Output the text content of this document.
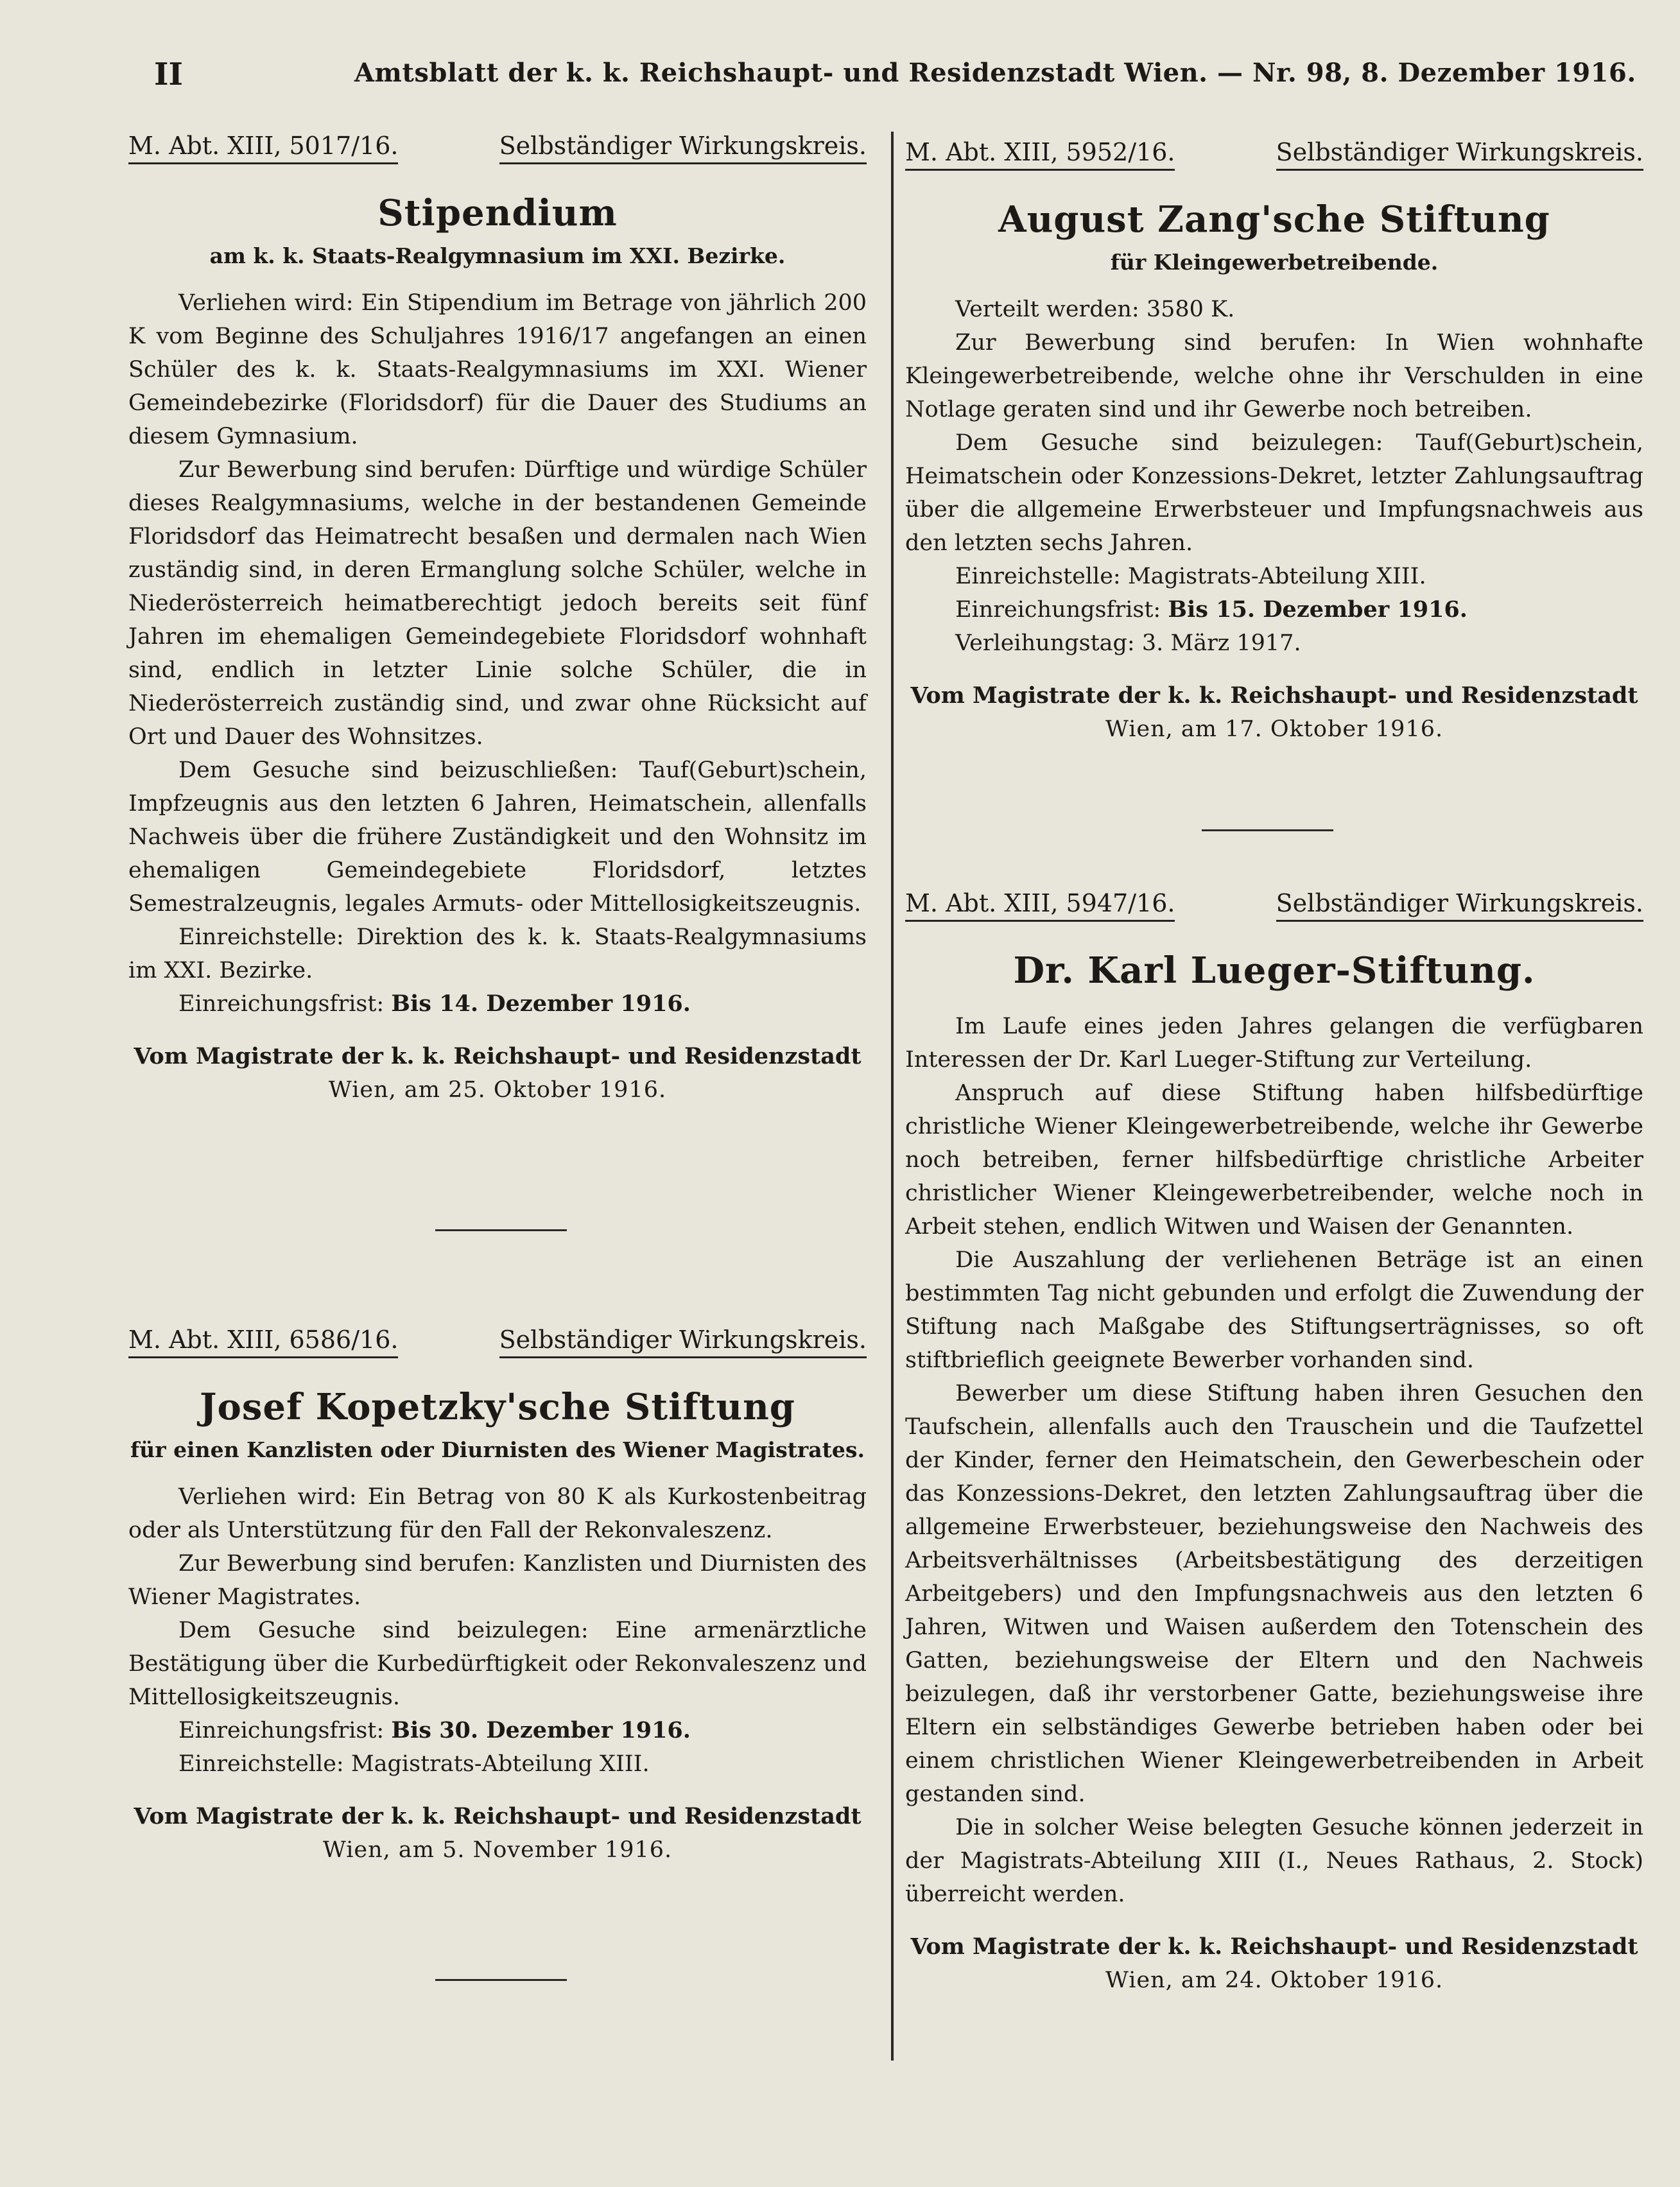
II	Amtsblatt der k. k. Reichshaupt- und Residenzstadt Wien. — Nr. 98, 8. Dezember 1916.
M. Abt. XIII, 5017/16.	Selbständiger Wirkungskreis.
Stipendium
am k. k. Staats-Realgymnasium im XXI. Bezirke.

Verliehen wird: Ein Stipendium im Betrage von jährlich 200 K vom Beginne des Schuljahres 1916/17 angefangen an einen Schüler des k. k. Staats-Realgymnasiums im XXI. Wiener Gemeindebezirke (Floridsdorf) für die Dauer des Studiums an diesem Gymnasium.

Zur Bewerbung sind berufen: Dürftige und würdige Schüler dieses Realgymnasiums, welche in der bestandenen Gemeinde Floridsdorf das Heimatrecht besaßen und dermalen nach Wien zuständig sind, in deren Ermanglung solche Schüler, welche in Niederösterreich heimatberechtigt jedoch bereits seit fünf Jahren im ehemaligen Gemeindegebiete Floridsdorf wohnhaft sind, endlich in letzter Linie solche Schüler, die in Niederösterreich zuständig sind, und zwar ohne Rücksicht auf Ort und Dauer des Wohnsitzes.

Dem Gesuche sind beizuschließen: Tauf(Geburt)schein, Impfzeugnis aus den letzten 6 Jahren, Heimatschein, allenfalls Nachweis über die frühere Zuständigkeit und den Wohnsitz im ehemaligen Gemeindegebiete Floridsdorf, letztes Semestralzeugnis, legales Armuts- oder Mittellosigkeitszeugnis.

Einreichstelle: Direktion des k. k. Staats-Realgymnasiums im XXI. Bezirke.

Einreichungsfrist: Bis 14. Dezember 1916.

Vom Magistrate der k. k. Reichshaupt- und Residenzstadt
Wien, am 25. Oktober 1916.
M. Abt. XIII, 6586/16.	Selbständiger Wirkungskreis.
Josef Kopetzky'sche Stiftung
für einen Kanzlisten oder Diurnisten des Wiener Magistrates.

Verliehen wird: Ein Betrag von 80 K als Kurkostenbeitrag oder als Unterstützung für den Fall der Rekonvaleszenz.

Zur Bewerbung sind berufen: Kanzlisten und Diurnisten des Wiener Magistrates.

Dem Gesuche sind beizulegen: Eine armenärztliche Bestätigung über die Kurbedürftigkeit oder Rekonvaleszenz und Mittellosigkeitszeugnis.

Einreichungsfrist: Bis 30. Dezember 1916.

Einreichstelle: Magistrats-Abteilung XIII.

Vom Magistrate der k. k. Reichshaupt- und Residenzstadt
Wien, am 5. November 1916.
M. Abt. XIII, 5952/16.	Selbständiger Wirkungskreis.
August Zang'sche Stiftung
für Kleingewerbetreibende.

Verteilt werden: 3580 K.

Zur Bewerbung sind berufen: In Wien wohnhafte Kleingewerbetreibende, welche ohne ihr Verschulden in eine Notlage geraten sind und ihr Gewerbe noch betreiben.

Dem Gesuche sind beizulegen: Tauf(Geburt)schein, Heimatschein oder Konzessions-Dekret, letzter Zahlungsauftrag über die allgemeine Erwerbsteuer und Impfungsnachweis aus den letzten sechs Jahren.

Einreichstelle: Magistrats-Abteilung XIII.

Einreichungsfrist: Bis 15. Dezember 1916.

Verleihungstag: 3. März 1917.

Vom Magistrate der k. k. Reichshaupt- und Residenzstadt
Wien, am 17. Oktober 1916.
M. Abt. XIII, 5947/16.	Selbständiger Wirkungskreis.
Dr. Karl Lueger-Stiftung.

Im Laufe eines jeden Jahres gelangen die verfügbaren Interessen der Dr. Karl Lueger-Stiftung zur Verteilung.

Anspruch auf diese Stiftung haben hilfsbedürftige christliche Wiener Kleingewerbetreibende, welche ihr Gewerbe noch betreiben, ferner hilfsbedürftige christliche Arbeiter christlicher Wiener Kleingewerbetreibender, welche noch in Arbeit stehen, endlich Witwen und Waisen der Genannten.

Die Auszahlung der verliehenen Beträge ist an einen bestimmten Tag nicht gebunden und erfolgt die Zuwendung der Stiftung nach Maßgabe des Stiftungserträgnisses, so oft stiftbrieflich geeignete Bewerber vorhanden sind.

Bewerber um diese Stiftung haben ihren Gesuchen den Taufschein, allenfalls auch den Trauschein und die Taufzettel der Kinder, ferner den Heimatschein, den Gewerbeschein oder das Konzessions-Dekret, den letzten Zahlungsauftrag über die allgemeine Erwerbsteuer, beziehungsweise den Nachweis des Arbeitsverhältnisses (Arbeitsbestätigung des derzeitigen Arbeitgebers) und den Impfungsnachweis aus den letzten 6 Jahren, Witwen und Waisen außerdem den Totenschein des Gatten, beziehungsweise der Eltern und den Nachweis beizulegen, daß ihr verstorbener Gatte, beziehungsweise ihre Eltern ein selbständiges Gewerbe betrieben haben oder bei einem christlichen Wiener Kleingewerbetreibenden in Arbeit gestanden sind.

Die in solcher Weise belegten Gesuche können jederzeit in der Magistrats-Abteilung XIII (I., Neues Rathaus, 2. Stock) überreicht werden.

Vom Magistrate der k. k. Reichshaupt- und Residenzstadt
Wien, am 24. Oktober 1916.
